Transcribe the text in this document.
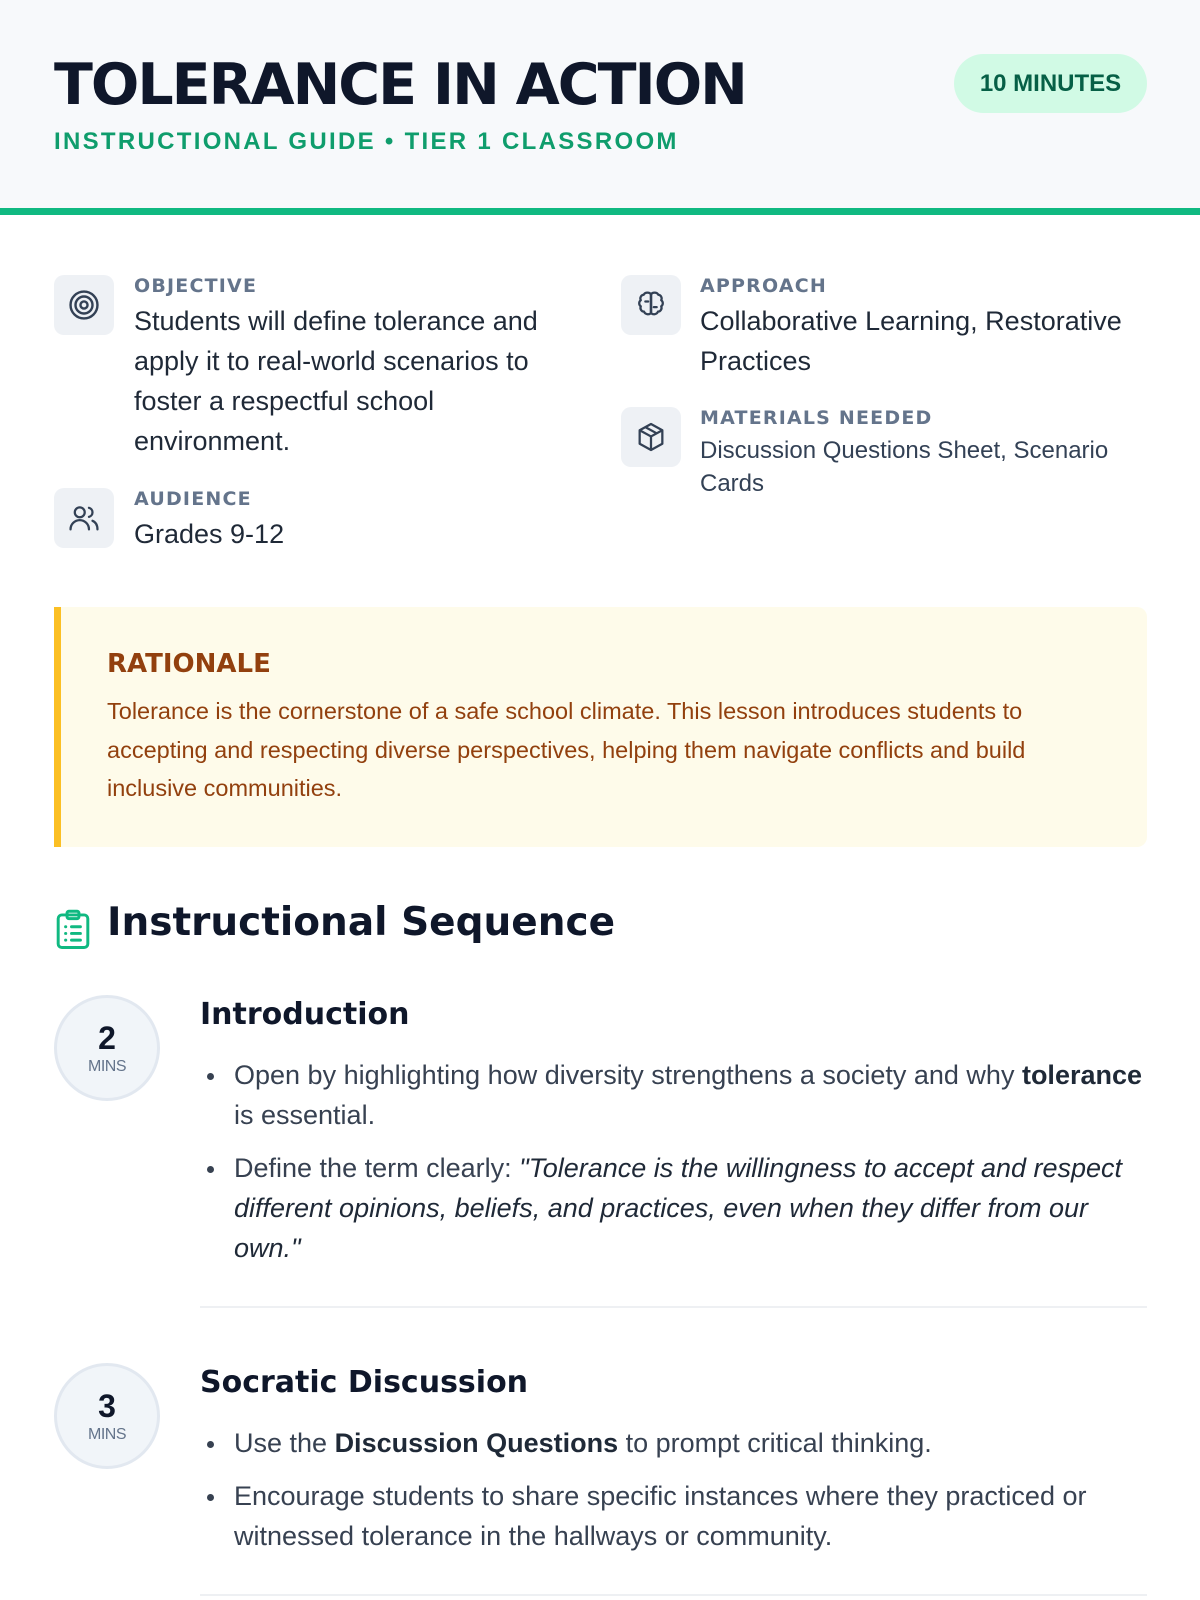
TOLERANCE IN ACTION
INSTRUCTIONAL GUIDE • TIER 1 CLASSROOM
10 MINUTES
OBJECTIVE
Students will define tolerance and apply it to real-world scenarios to foster a respectful school environment.
AUDIENCE
Grades 9-12
APPROACH
Collaborative Learning, Restorative Practices
MATERIALS NEEDED
Discussion Questions Sheet, Scenario Cards
RATIONALE
Tolerance is the cornerstone of a safe school climate. This lesson introduces students to accepting and respecting diverse perspectives, helping them navigate conflicts and build inclusive communities.
Instructional Sequence
2
MINS
Introduction
Open by highlighting how diversity strengthens a society and why tolerance is essential.
Define the term clearly: "Tolerance is the willingness to accept and respect different opinions, beliefs, and practices, even when they differ from our own."
3
MINS
Socratic Discussion
Use the Discussion Questions to prompt critical thinking.
Encourage students to share specific instances where they practiced or witnessed tolerance in the hallways or community.
